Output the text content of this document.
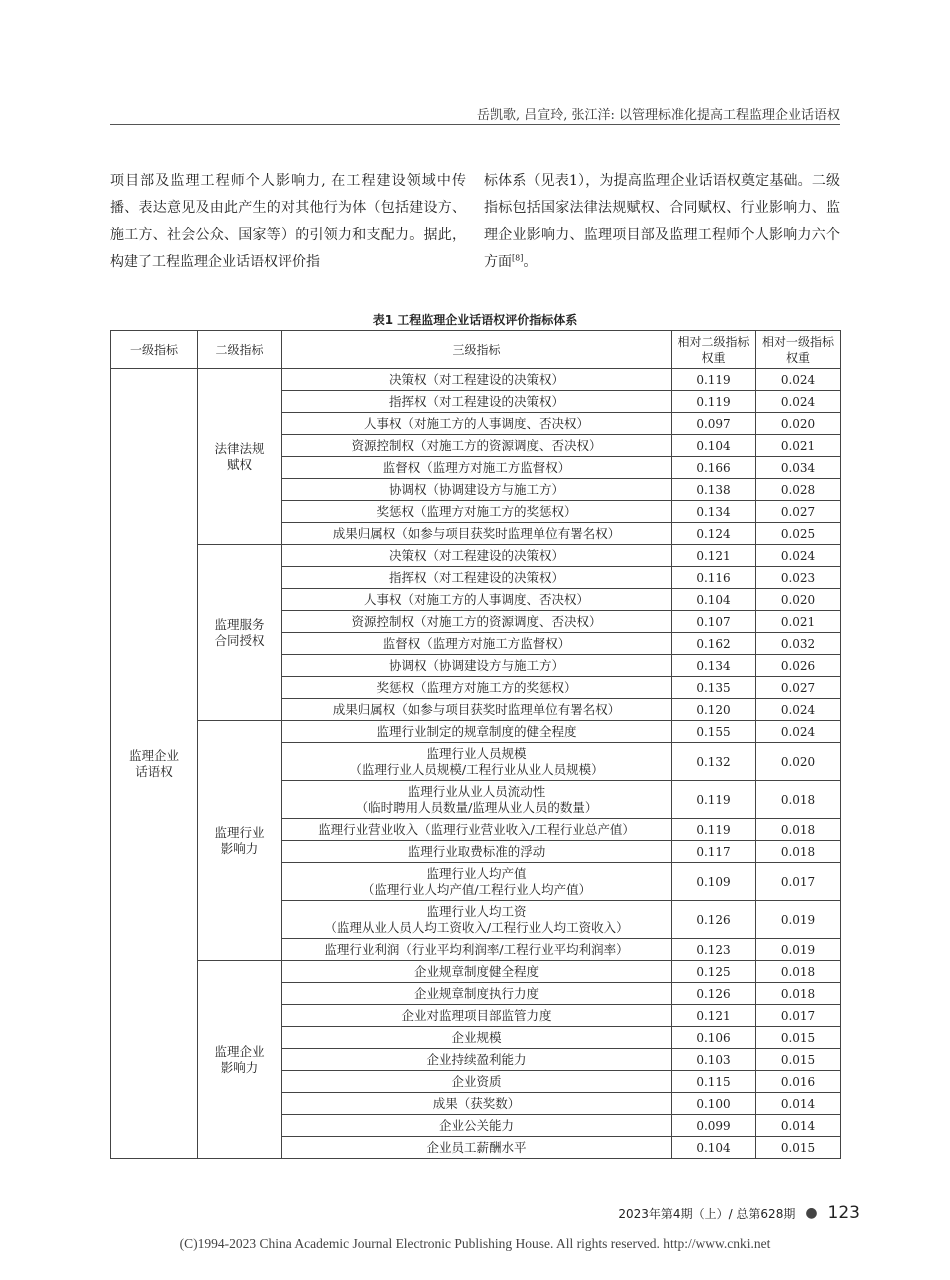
岳凯歌, 吕宣玲, 张江洋: 以管理标准化提高工程监理企业话语权
项目部及监理工程师个人影响力, 在工程建设领域中传播、表达意见及由此产生的对其他行为体（包括建设方、施工方、社会公众、国家等）的引领力和支配力。据此，构建了工程监理企业话语权评价指
标体系（见表1），为提高监理企业话语权奠定基础。二级指标包括国家法律法规赋权、合同赋权、行业影响力、监理企业影响力、监理项目部及监理工程师个人影响力六个方面[8]。
表1 工程监理企业话语权评价指标体系
一级指标	二级指标	三级指标	相对二级指标权重	相对一级指标权重
监理企业话语权	法律法规赋权	决策权（对工程建设的决策权）	0.119	0.024

		指挥权（对工程建设的决策权）	0.119	0.024

		人事权（对施工方的人事调度、否决权）	0.097	0.020

		资源控制权（对施工方的资源调度、否决权）	0.104	0.021

		监督权（监理方对施工方监督权）	0.166	0.034

		协调权（协调建设方与施工方）	0.138	0.028

		奖惩权（监理方对施工方的奖惩权）	0.134	0.027

		成果归属权（如参与项目获奖时监理单位有署名权）	0.124	0.025
	监理服务合同授权	决策权（对工程建设的决策权）	0.121	0.024

		指挥权（对工程建设的决策权）	0.116	0.023

		人事权（对施工方的人事调度、否决权）	0.104	0.020

		资源控制权（对施工方的资源调度、否决权）	0.107	0.021

		监督权（监理方对施工方监督权）	0.162	0.032

		协调权（协调建设方与施工方）	0.134	0.026

		奖惩权（监理方对施工方的奖惩权）	0.135	0.027

		成果归属权（如参与项目获奖时监理单位有署名权）	0.120	0.024
	监理行业影响力	监理行业制定的规章制度的健全程度	0.155	0.024

		监理行业人员规模
（监理行业人员规模/工程行业从业人员规模）	0.132	0.020

		监理行业从业人员流动性
（临时聘用人员数量/监理从业人员的数量）	0.119	0.018

		监理行业营业收入（监理行业营业收入/工程行业总产值）	0.119	0.018

		监理行业取费标准的浮动	0.117	0.018

		监理行业人均产值
（监理行业人均产值/工程行业人均产值）	0.109	0.017

		监理行业人均工资
（监理从业人员人均工资收入/工程行业人均工资收入）	0.126	0.019

		监理行业利润（行业平均利润率/工程行业平均利润率）	0.123	0.019
	监理企业影响力	企业规章制度健全程度	0.125	0.018

		企业规章制度执行力度	0.126	0.018

		企业对监理项目部监管力度	0.121	0.017

		企业规模	0.106	0.015

		企业持续盈利能力	0.103	0.015

		企业资质	0.115	0.016

		成果（获奖数）	0.100	0.014

		企业公关能力	0.099	0.014

		企业员工薪酬水平	0.104	0.015
2023年第4期（上）/ 总第628期 ● 123
(C)1994-2023 China Academic Journal Electronic Publishing House. All rights reserved. http://www.cnki.net
